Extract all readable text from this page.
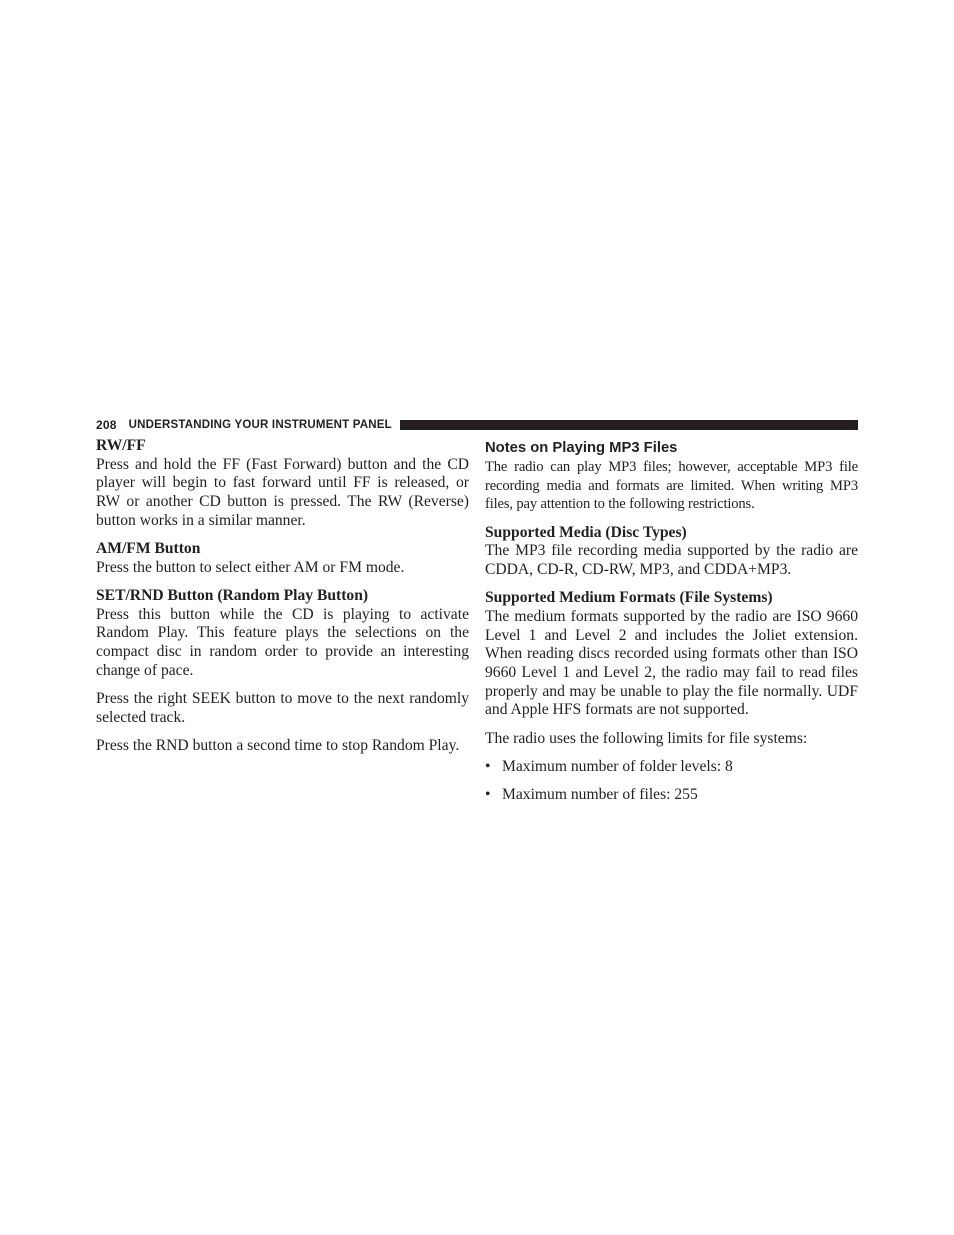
208 UNDERSTANDING YOUR INSTRUMENT PANEL
RW/FF

Press and hold the FF (Fast Forward) button and the CD player will begin to fast forward until FF is released, or RW or another CD button is pressed. The RW (Reverse) button works in a similar manner.

AM/FM Button

Press the button to select either AM or FM mode.

SET/RND Button (Random Play Button)

Press this button while the CD is playing to activate Random Play. This feature plays the selections on the compact disc in random order to provide an interesting change of pace.

Press the right SEEK button to move to the next randomly selected track.

Press the RND button a second time to stop Random Play.

Notes on Playing MP3 Files

The radio can play MP3 files; however, acceptable MP3 file recording media and formats are limited. When writing MP3 files, pay attention to the following restrictions.

Supported Media (Disc Types)

The MP3 file recording media supported by the radio are CDDA, CD-R, CD-RW, MP3, and CDDA+MP3.

Supported Medium Formats (File Systems)

The medium formats supported by the radio are ISO 9660 Level 1 and Level 2 and includes the Joliet extension. When reading discs recorded using formats other than ISO 9660 Level 1 and Level 2, the radio may fail to read files properly and may be unable to play the file normally. UDF and Apple HFS formats are not supported.

The radio uses the following limits for file systems:

• Maximum number of folder levels: 8
• Maximum number of files: 255
